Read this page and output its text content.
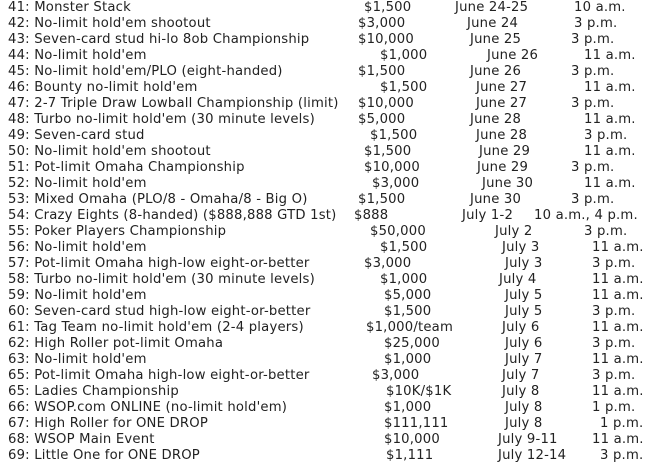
41: Monster Stack	$1,500	June 24-25	10 a.m.
42: No-limit hold'em shootout	$3,000	June 24	3 p.m.
43: Seven-card stud hi-lo 8ob Championship	$10,000	June 25	3 p.m.
44: No-limit hold'em	$1,000	June 26	11 a.m.
45: No-limit hold'em/PLO (eight-handed)	$1,500	June 26	3 p.m.
46: Bounty no-limit hold'em	$1,500	June 27	11 a.m.
47: 2-7 Triple Draw Lowball Championship (limit) $10,000	June 27	3 p.m.
48: Turbo no-limit hold'em (30 minute levels)	$5,000	June 28	11 a.m.
49: Seven-card stud	$1,500	June 28	3 p.m.
50: No-limit hold'em shootout	$1,500	June 29	11 a.m.
51: Pot-limit Omaha Championship	$10,000	June 29	3 p.m.
52: No-limit hold'em	$3,000	June 30	11 a.m.
53: Mixed Omaha (PLO/8 - Omaha/8 - Big O)	$1,500	June 30	3 p.m.
54: Crazy Eights (8-handed) ($888,888 GTD 1st) $888	July 1-2 10 a.m., 4 p.m.
55: Poker Players Championship	$50,000	July 2	3 p.m.
56: No-limit hold'em	$1,500	July 3	11 a.m.
57: Pot-limit Omaha high-low eight-or-better	$3,000	July 3	3 p.m.
58: Turbo no-limit hold'em (30 minute levels)	$1,000	July 4	11 a.m.
59: No-limit hold'em	$5,000	July 5	11 a.m.
60: Seven-card stud high-low eight-or-better	$1,500	July 5	3 p.m.
61: Tag Team no-limit hold'em (2-4 players)	$1,000/team	July 6	11 a.m.
62: High Roller pot-limit Omaha	$25,000	July 6	3 p.m.
63: No-limit hold'em	$1,000	July 7	11 a.m.
65: Pot-limit Omaha high-low eight-or-better	$3,000	July 7	3 p.m.
65: Ladies Championship	$10K/$1K	July 8	11 a.m.
66: WSOP.com ONLINE (no-limit hold'em)	$1,000	July 8	1 p.m.
67: High Roller for ONE DROP	$111,111	July 8	1 p.m.
68: WSOP Main Event	$10,000	July 9-11	11 a.m.
69: Little One for ONE DROP	$1,111	July 12-14	3 p.m.
